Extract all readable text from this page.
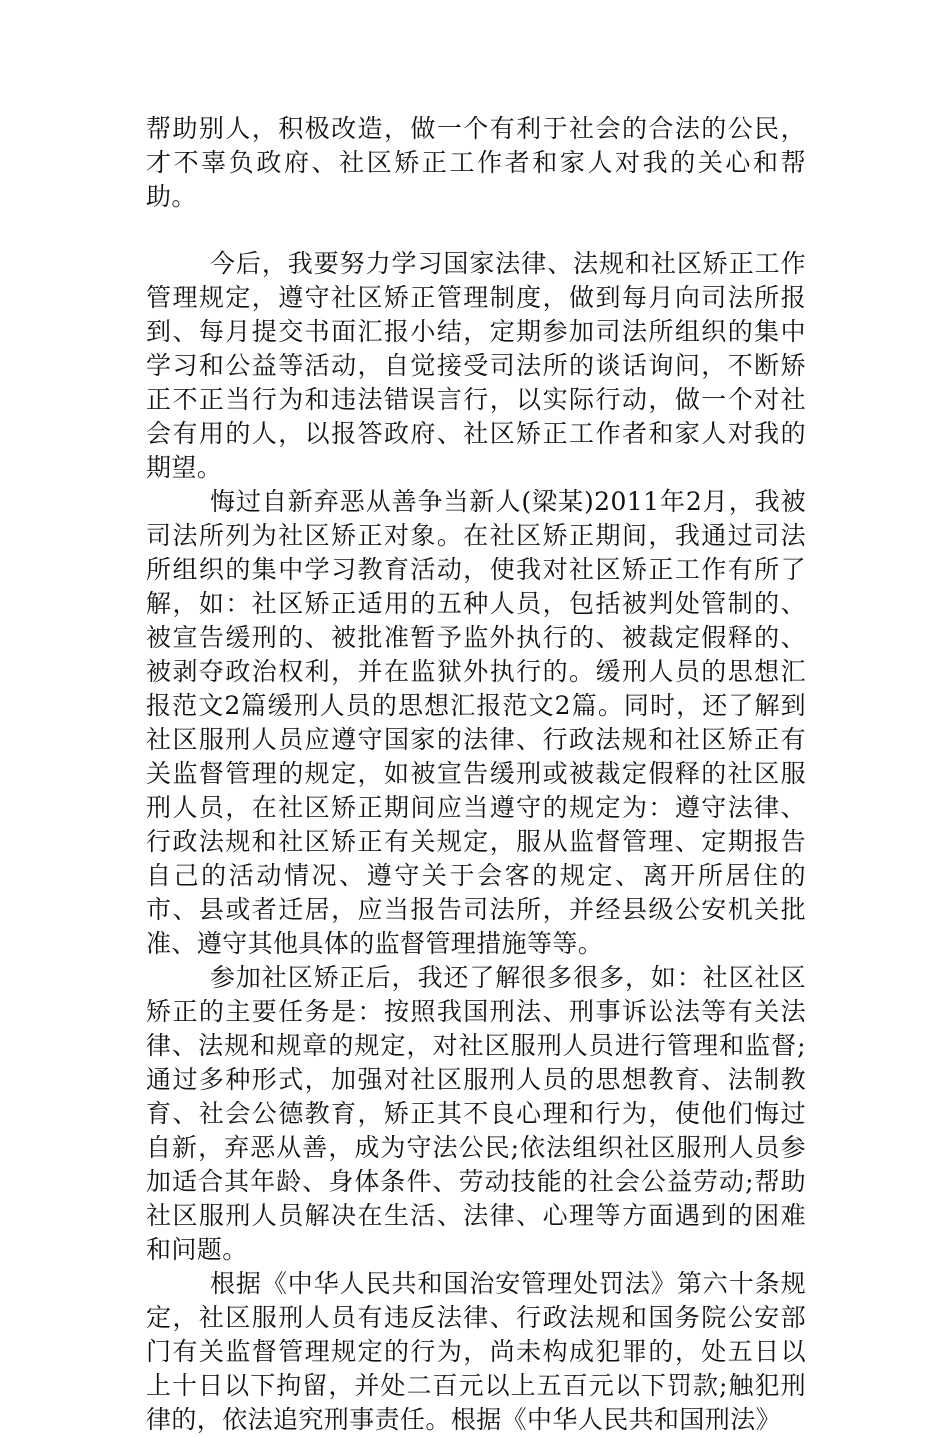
帮助别人，积极改造，做一个有利于社会的合法的公民，才不辜负政府、社区矫正工作者和家人对我的关心和帮助。

今后，我要努力学习国家法律、法规和社区矫正工作管理规定，遵守社区矫正管理制度，做到每月向司法所报到、每月提交书面汇报小结，定期参加司法所组织的集中学习和公益等活动，自觉接受司法所的谈话询问，不断矫正不正当行为和违法错误言行，以实际行动，做一个对社会有用的人，以报答政府、社区矫正工作者和家人对我的期望。

悔过自新弃恶从善争当新人(梁某)2011年2月，我被司法所列为社区矫正对象。在社区矫正期间，我通过司法所组织的集中学习教育活动，使我对社区矫正工作有所了解，如：社区矫正适用的五种人员，包括被判处管制的、被宣告缓刑的、被批准暂予监外执行的、被裁定假释的、被剥夺政治权利，并在监狱外执行的。缓刑人员的思想汇报范文2篇缓刑人员的思想汇报范文2篇。同时，还了解到社区服刑人员应遵守国家的法律、行政法规和社区矫正有关监督管理的规定，如被宣告缓刑或被裁定假释的社区服刑人员，在社区矫正期间应当遵守的规定为：遵守法律、行政法规和社区矫正有关规定，服从监督管理、定期报告自己的活动情况、遵守关于会客的规定、离开所居住的市、县或者迁居，应当报告司法所，并经县级公安机关批准、遵守其他具体的监督管理措施等等。

参加社区矫正后，我还了解很多很多，如：社区社区矫正的主要任务是：按照我国刑法、刑事诉讼法等有关法律、法规和规章的规定，对社区服刑人员进行管理和监督;通过多种形式，加强对社区服刑人员的思想教育、法制教育、社会公德教育，矫正其不良心理和行为，使他们悔过自新，弃恶从善，成为守法公民;依法组织社区服刑人员参加适合其年龄、身体条件、劳动技能的社会公益劳动;帮助社区服刑人员解决在生活、法律、心理等方面遇到的困难和问题。

根据《中华人民共和国治安管理处罚法》第六十条规定，社区服刑人员有违反法律、行政法规和国务院公安部门有关监督管理规定的行为，尚未构成犯罪的，处五日以上十日以下拘留，并处二百元以上五百元以下罚款;触犯刑律的，依法追究刑事责任。根据《中华人民共和国刑法》
